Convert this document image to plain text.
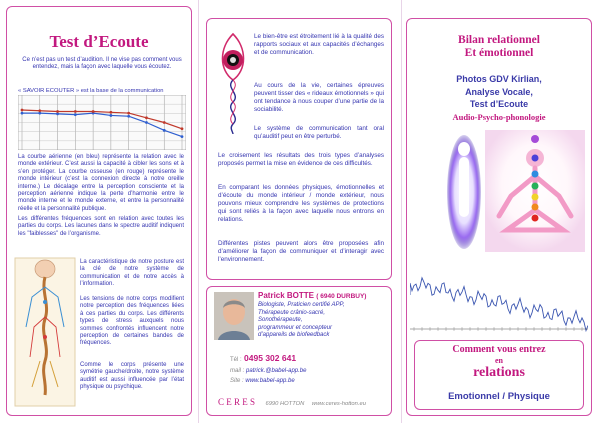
Test d’Ecoute
Ce n’est pas un test d’audition. Il ne vise pas comment vous entendez, mais la façon avec laquelle vous écoutez.
« SAVOIR ECOUTER » est la base de la communication
La courbe aérienne (en bleu) représente la relation avec le monde extérieur. C’est aussi la capacité à cibler les sons et à s’en protéger. La courbe osseuse (en rouge) représente le monde intérieur (c’est la connexion directe à notre oreille interne.) Le décalage entre la perception consciente et la perception aérienne indique la perte d’harmonie entre le monde interne et le monde externe, et entre la personnalité réelle et la personnalité publique.
Les différentes fréquences sont en relation avec toutes les parties du corps. Les lacunes dans le spectre auditif indiquent les "faiblesses" de l’organisme.
La caractéristique de notre posture est la clé de notre système de communication et de notre accès à l’information.
Les tensions de notre corps modifient notre perception des fréquences liées à ces parties du corps. Les différents types de stress auxquels nous sommes confrontés influencent notre perception de certaines bandes de fréquences.
Comme le corps présente une symétrie gauche/droite, notre système auditif est aussi influencée par l’état physique ou psychique.
Le bien-être est étroitement lié à la qualité des rapports sociaux et aux capacités d’échanges et de communication.
Au cours de la vie, certaines épreuves peuvent tisser des « rideaux émotionnels » qui ont tendance à nous couper d’une partie de la sociabilité.
Le système de communication tant oral qu’auditif peut en être perturbé.
Le croisement les résultats des trois types d’analyses proposés permet la mise en évidence de ces difficultés.
En comparant les données physiques, émotionnelles et d’écoute du monde intérieur / monde extérieur, nous pouvons mieux comprendre les systèmes de protections qui sont reliés à la façon avec laquelle nous entrons en relations.
Différentes pistes peuvent alors être proposées afin d’améliorer la façon de communiquer et d’interagir avec l’environnement.
Patrick BOTTE ( 6940 DURBUY)
Biologiste, Praticien certifié APP,
Thérapeute crânio-sacré,
Sonothérapeute,
programmeur et concepteur
d’appareils de biofeedback
Tél : 0495 302 641
mail : patrick.@babel-app.be
Site : www.babel-app.be
C E R E S 6990 HOTTON www.ceres-hotton.eu
Bilan relationnel
Et émotionnel
Photos GDV Kirlian,
Analyse Vocale,
Test d’Ecoute
Audio-Psycho-phonologie
Comment vous entrez
en
relations
Emotionnel / Physique
